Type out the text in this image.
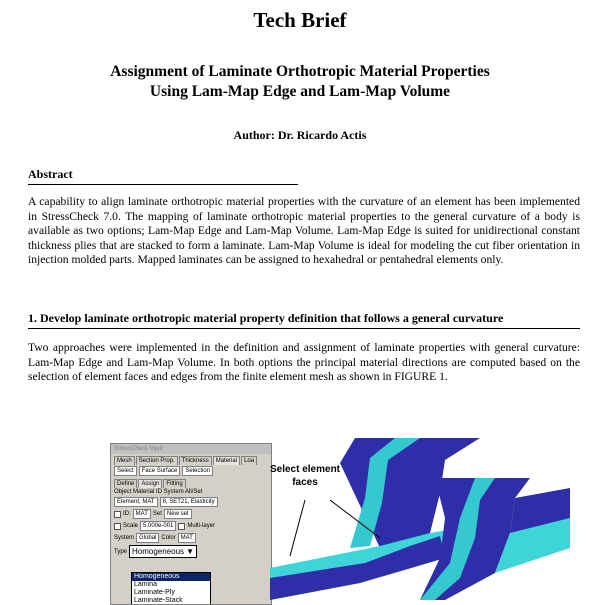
Tech Brief
Assignment of Laminate Orthotropic Material Properties
Using Lam-Map Edge and Lam-Map Volume
Author: Dr. Ricardo Actis
Abstract
A capability to align laminate orthotropic material properties with the curvature of an element has been implemented in StressCheck 7.0. The mapping of laminate orthotropic material properties to the general curvature of a body is available as two options; Lam-Map Edge and Lam-Map Volume. Lam-Map Edge is suited for unidirectional constant thickness plies that are stacked to form a laminate. Lam-Map Volume is ideal for modeling the cut fiber orientation in injection molded parts. Mapped laminates can be assigned to hexahedral or pentahedral elements only.
1. Develop laminate orthotropic material property definition that follows a general curvature
Two approaches were implemented in the definition and assignment of laminate properties with general curvature: Lam-Map Edge and Lam-Map Volume. In both options the principal material directions are computed based on the selection of element faces and edges from the finite element mesh as shown in FIGURE 1.
StressCheck Input
Mesh	Section Prop.	Thickness	Material	Loa
Select	Face Surface	Selection
Define	Assign	Fitting
Object Material ID System All/Set
Element, MAT	8, SET21, Elasticity
ID: MAT Set New set
Scale 5.000e-001	Multi-layer
System Global Color MAT
Type Homogeneous ▼
Homogeneous
Lamina
Laminate-Ply
Laminate-Stack
Select element
faces
